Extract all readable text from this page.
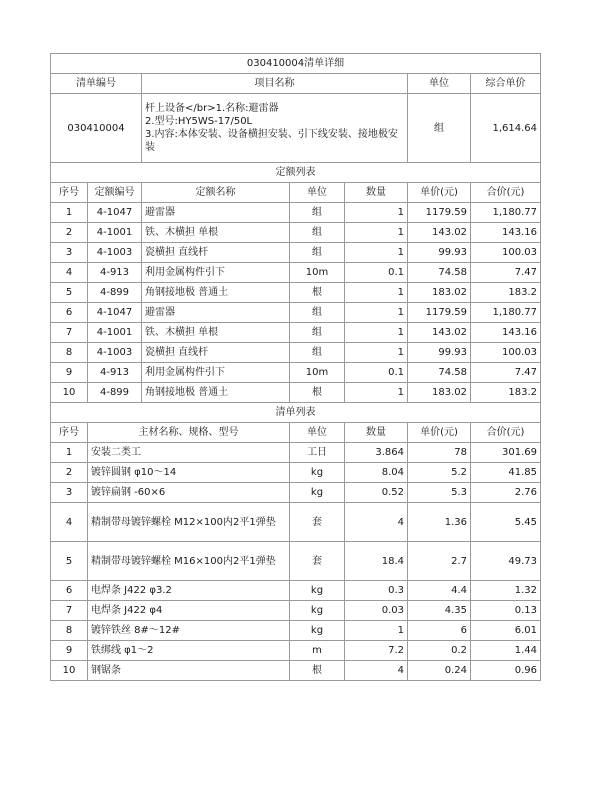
030410004清单详细						
清单编号		项目名称			单位	综合单价
030410004		杆上设备</br>1.名称:避雷器
2.型号:HY5WS-17/50L
3.内容:本体安装、设备横担安装、引下线安装、接地极安装			组	1,614.64
定额列表						
序号	定额编号	定额名称	单位	数量	单价(元)	合价(元)
1	4-1047	避雷器	组	1	1179.59	1,180.77
2	4-1001	铁、木横担 单根	组	1	143.02	143.16
3	4-1003	瓷横担 直线杆	组	1	99.93	100.03
4	4-913	利用金属构件引下	10m	0.1	74.58	7.47
5	4-899	角钢接地极 普通土	根	1	183.02	183.2
6	4-1047	避雷器	组	1	1179.59	1,180.77
7	4-1001	铁、木横担 单根	组	1	143.02	143.16
8	4-1003	瓷横担 直线杆	组	1	99.93	100.03
9	4-913	利用金属构件引下	10m	0.1	74.58	7.47
10	4-899	角钢接地极 普通土	根	1	183.02	183.2
清单列表						
序号	主材名称、规格、型号		单位	数量	单价(元)	合价(元)
1	安装二类工		工日	3.864	78	301.69
2	镀锌圆钢 φ10～14		kg	8.04	5.2	41.85
3	镀锌扁钢 -60×6		kg	0.52	5.3	2.76
4	精制带母镀锌螺栓 M12×100内2平1弹垫		套	4	1.36	5.45
5	精制带母镀锌螺栓 M16×100内2平1弹垫		套	18.4	2.7	49.73
6	电焊条 J422 φ3.2		kg	0.3	4.4	1.32
7	电焊条 J422 φ4		kg	0.03	4.35	0.13
8	镀锌铁丝 8#～12#		kg	1	6	6.01
9	铁绑线 φ1～2		m	7.2	0.2	1.44
10	钢锯条		根	4	0.24	0.96
